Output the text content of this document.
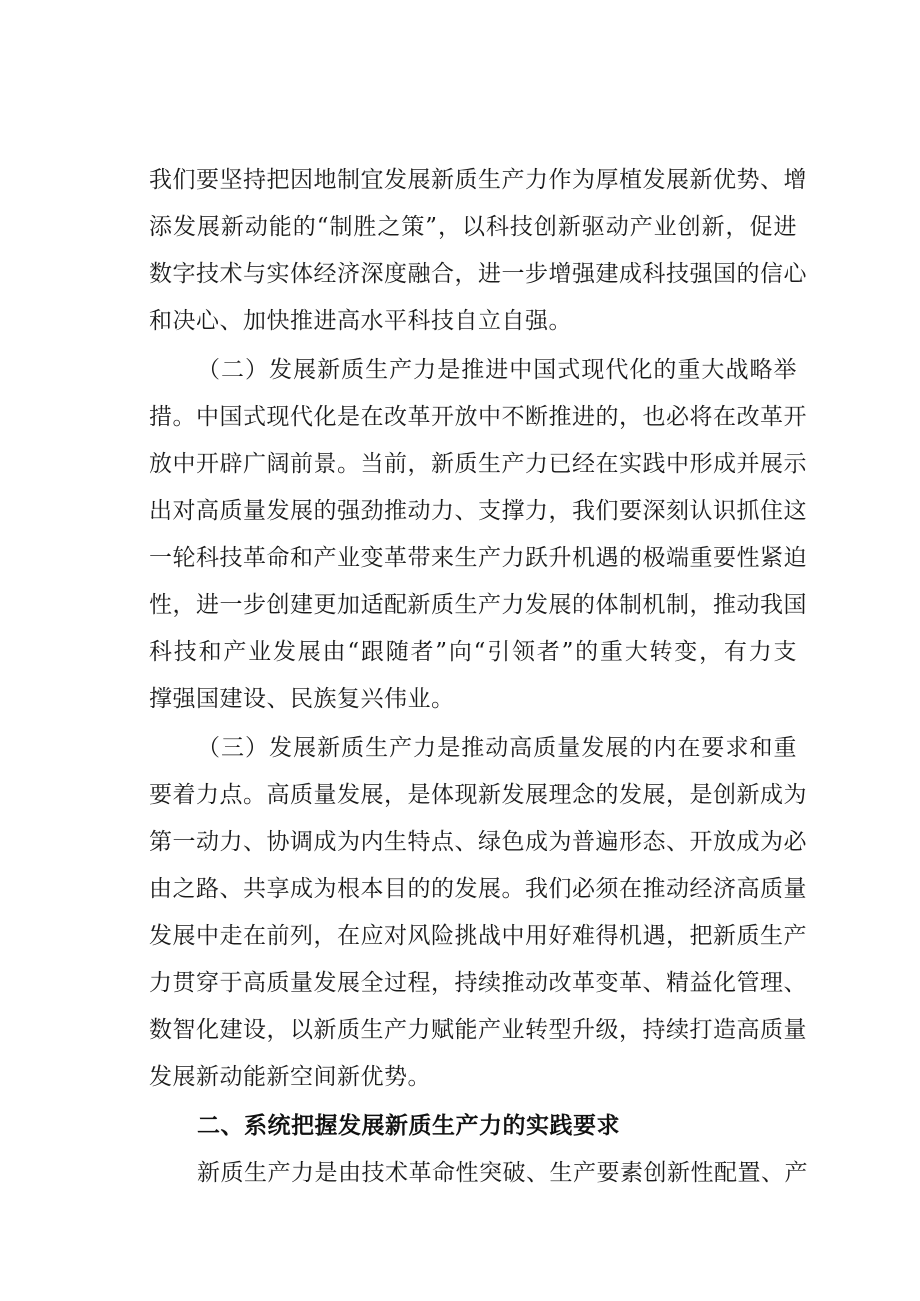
我们要坚持把因地制宜发展新质生产力作为厚植发展新优势、增
添发展新动能的“制胜之策”，以科技创新驱动产业创新，促进
数字技术与实体经济深度融合，进一步增强建成科技强国的信心
和决心、加快推进高水平科技自立自强。
（二）发展新质生产力是推进中国式现代化的重大战略举
措。中国式现代化是在改革开放中不断推进的，也必将在改革开
放中开辟广阔前景。当前，新质生产力已经在实践中形成并展示
出对高质量发展的强劲推动力、支撑力，我们要深刻认识抓住这
一轮科技革命和产业变革带来生产力跃升机遇的极端重要性紧迫
性，进一步创建更加适配新质生产力发展的体制机制，推动我国
科技和产业发展由“跟随者”向“引领者”的重大转变，有力支
撑强国建设、民族复兴伟业。
（三）发展新质生产力是推动高质量发展的内在要求和重
要着力点。高质量发展，是体现新发展理念的发展，是创新成为
第一动力、协调成为内生特点、绿色成为普遍形态、开放成为必
由之路、共享成为根本目的的发展。我们必须在推动经济高质量
发展中走在前列，在应对风险挑战中用好难得机遇，把新质生产
力贯穿于高质量发展全过程，持续推动改革变革、精益化管理、
数智化建设，以新质生产力赋能产业转型升级，持续打造高质量
发展新动能新空间新优势。
二、系统把握发展新质生产力的实践要求
新质生产力是由技术革命性突破、生产要素创新性配置、产
